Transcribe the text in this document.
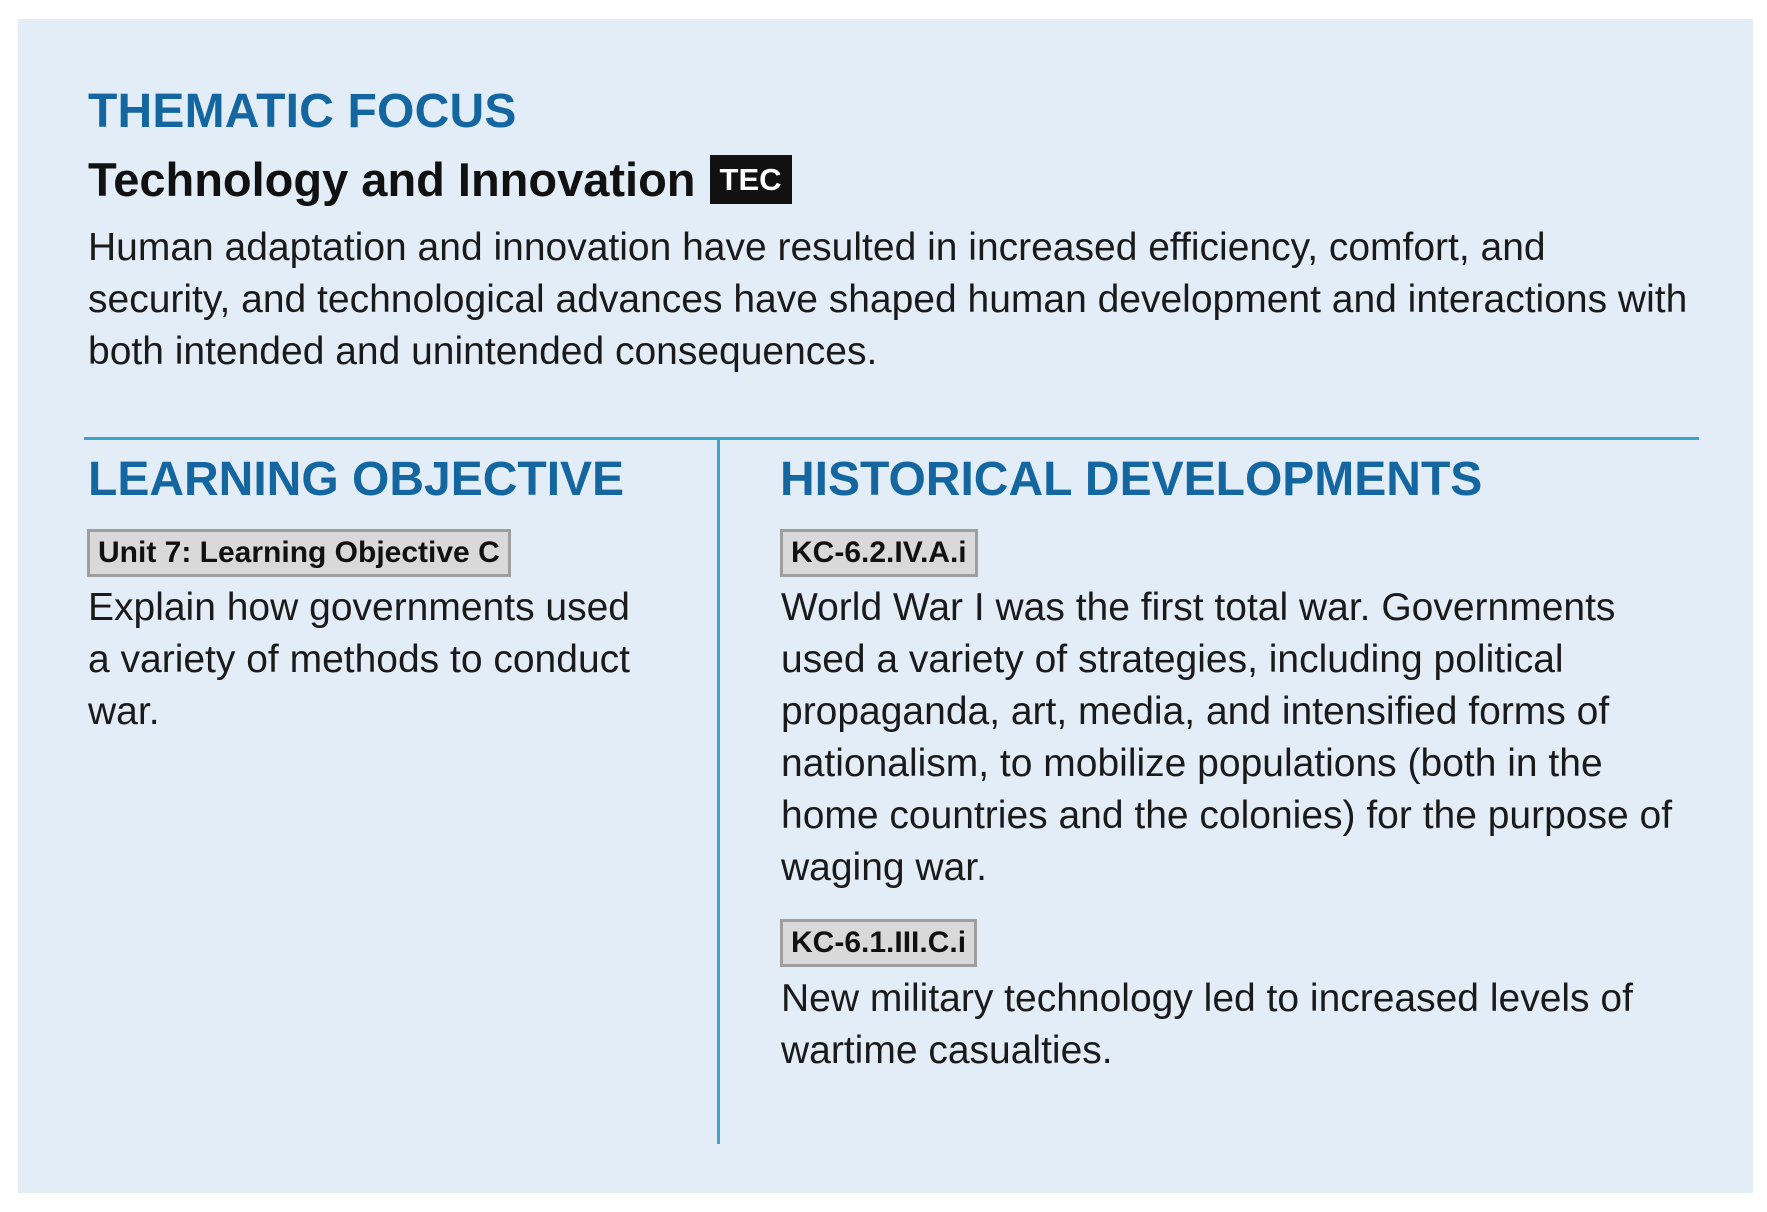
THEMATIC FOCUS
Technology and Innovation TEC

Human adaptation and innovation have resulted in increased efficiency, comfort, and security, and technological advances have shaped human development and interactions with both intended and unintended consequences.

LEARNING OBJECTIVE
Unit 7: Learning Objective C

Explain how governments used a variety of methods to conduct war.

HISTORICAL DEVELOPMENTS
KC-6.2.IV.A.i

World War I was the first total war. Governments used a variety of strategies, including political propaganda, art, media, and intensified forms of nationalism, to mobilize populations (both in the home countries and the colonies) for the purpose of waging war.

KC-6.1.III.C.i

New military technology led to increased levels of wartime casualties.
